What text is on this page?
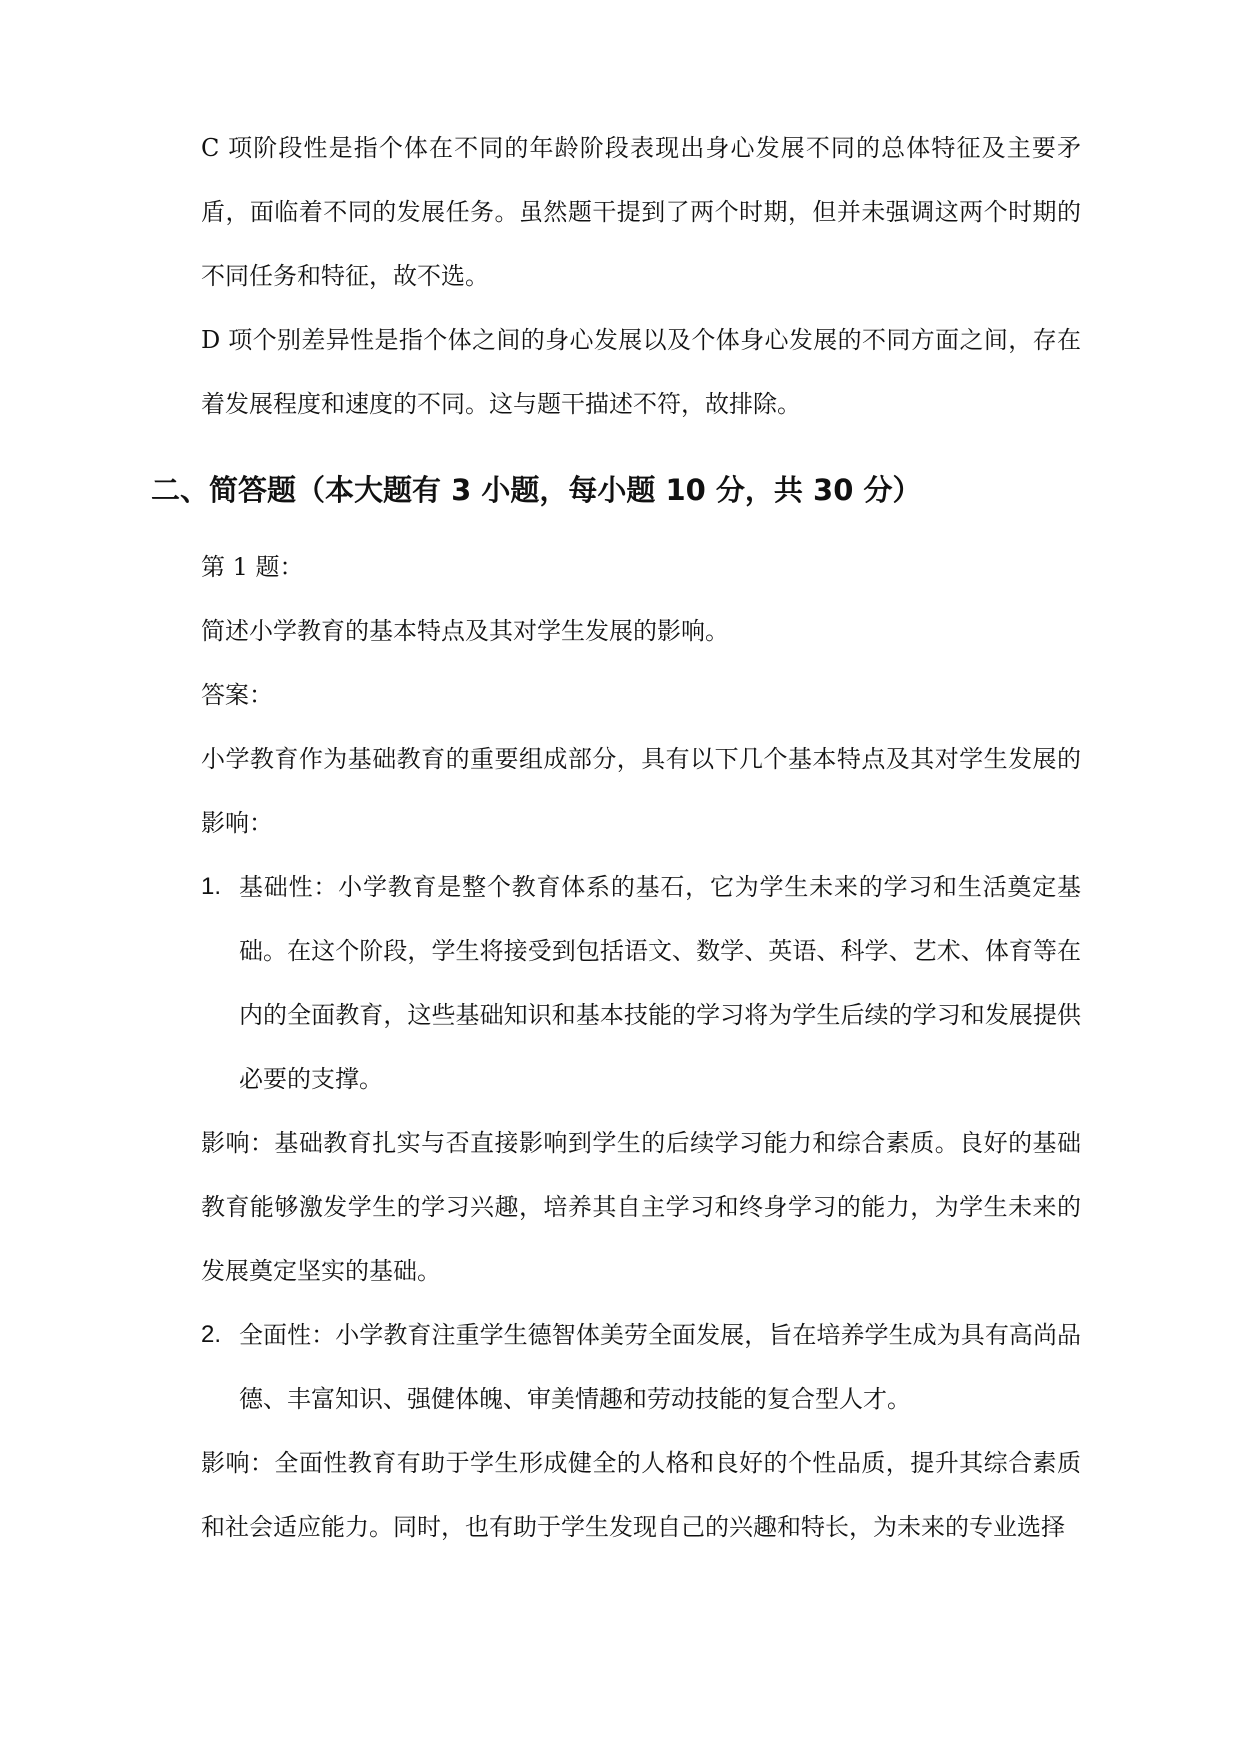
C 项阶段性是指个体在不同的年龄阶段表现出身心发展不同的总体特征及主要矛盾，面临着不同的发展任务。虽然题干提到了两个时期，但并未强调这两个时期的不同任务和特征，故不选。

D 项个别差异性是指个体之间的身心发展以及个体身心发展的不同方面之间，存在着发展程度和速度的不同。这与题干描述不符，故排除。

二、简答题（本大题有 3 小题，每小题 10 分，共 30 分）

第 1 题：

简述小学教育的基本特点及其对学生发展的影响。

答案：

小学教育作为基础教育的重要组成部分，具有以下几个基本特点及其对学生发展的影响：

1. 基础性：小学教育是整个教育体系的基石，它为学生未来的学习和生活奠定基础。在这个阶段，学生将接受到包括语文、数学、英语、科学、艺术、体育等在内的全面教育，这些基础知识和基本技能的学习将为学生后续的学习和发展提供必要的支撑。

影响：基础教育扎实与否直接影响到学生的后续学习能力和综合素质。良好的基础教育能够激发学生的学习兴趣，培养其自主学习和终身学习的能力，为学生未来的发展奠定坚实的基础。

2. 全面性：小学教育注重学生德智体美劳全面发展，旨在培养学生成为具有高尚品德、丰富知识、强健体魄、审美情趣和劳动技能的复合型人才。

影响：全面性教育有助于学生形成健全的人格和良好的个性品质，提升其综合素质和社会适应能力。同时，也有助于学生发现自己的兴趣和特长，为未来的专业选择
